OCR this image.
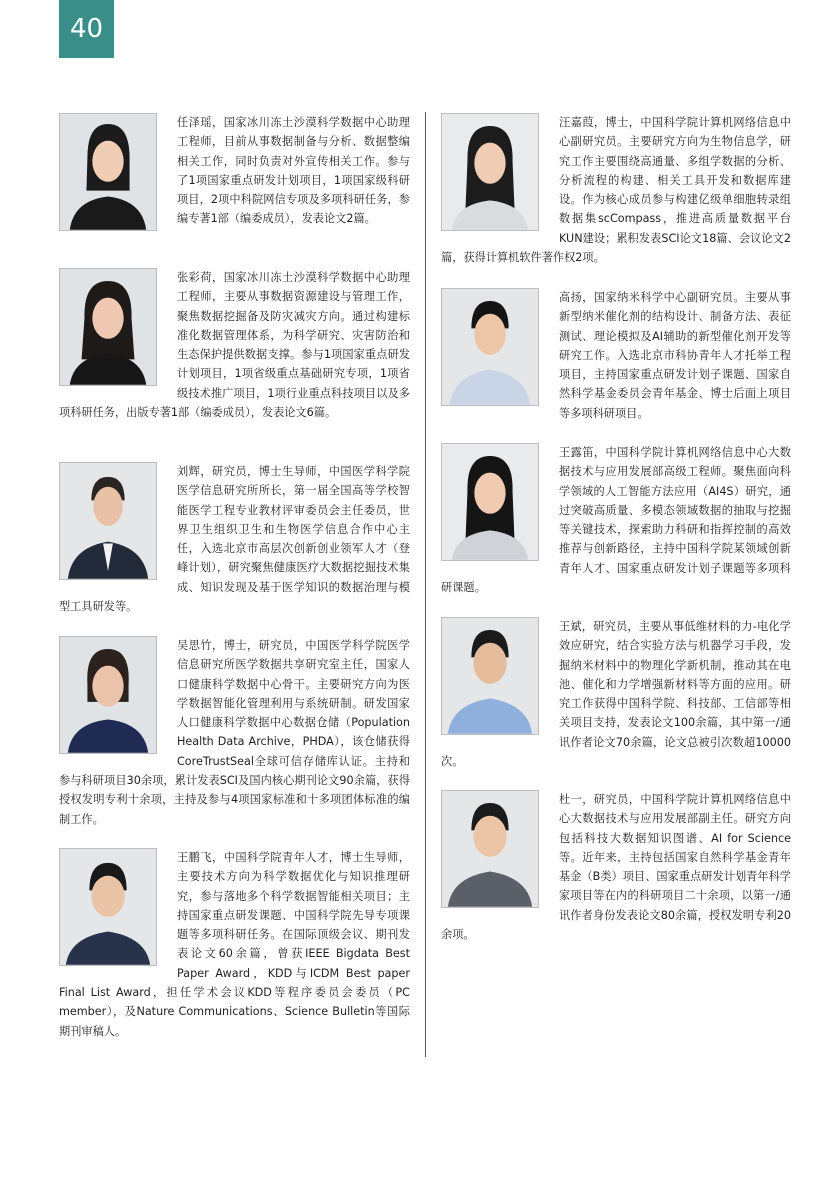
40
任泽瑶，国家冰川冻土沙漠科学数据中心助理工程师，目前从事数据制备与分析、数据整编相关工作，同时负责对外宣传相关工作。参与了1项国家重点研发计划项目，1项国家级科研项目，2项中科院网信专项及多项科研任务，参编专著1部（编委成员），发表论文2篇。
张彩荷，国家冰川冻土沙漠科学数据中心助理工程师，主要从事数据资源建设与管理工作，聚焦数据挖掘备及防灾减灾方向。通过构建标准化数据管理体系，为科学研究、灾害防治和生态保护提供数据支撑。参与1项国家重点研发计划项目，1项省级重点基础研究专项，1项省级技术推广项目，1项行业重点科技项目以及多项科研任务，出版专著1部（编委成员），发表论文6篇。
刘辉，研究员，博士生导师，中国医学科学院医学信息研究所所长，第一届全国高等学校智能医学工程专业教材评审委员会主任委员，世界卫生组织卫生和生物医学信息合作中心主任，入选北京市高层次创新创业领军人才（登峰计划），研究聚焦健康医疗大数据挖掘技术集成、知识发现及基于医学知识的数据治理与模型工具研发等。
吴思竹，博士，研究员，中国医学科学院医学信息研究所医学数据共享研究室主任，国家人口健康科学数据中心骨干。主要研究方向为医学数据智能化管理利用与系统研制。研发国家人口健康科学数据中心数据仓储（Population Health Data Archive，PHDA），该仓储获得CoreTrustSeal全球可信存储库认证。主持和参与科研项目30余项，累计发表SCI及国内核心期刊论文90余篇，获得授权发明专利十余项，主持及参与4项国家标准和十多项团体标准的编制工作。
王鹏飞，中国科学院青年人才，博士生导师，主要技术方向为科学数据优化与知识推理研究，参与落地多个科学数据智能相关项目；主持国家重点研发课题、中国科学院先导专项课题等多项科研任务。在国际顶级会议、期刊发表论文60余篇，曾获IEEE Bigdata Best Paper Award，KDD与ICDM Best paper Final List Award，担任学术会议KDD等程序委员会委员（PC member），及Nature Communications、Science Bulletin等国际期刊审稿人。
汪嘉葭，博士，中国科学院计算机网络信息中心副研究员。主要研究方向为生物信息学，研究工作主要围绕高通量、多组学数据的分析、分析流程的构建、相关工具开发和数据库建设。作为核心成员参与构建亿级单细胞转录组数据集scCompass，推进高质量数据平台KUN建设；累积发表SCI论文18篇、会议论文2篇，获得计算机软件著作权2项。
高扬，国家纳米科学中心副研究员。主要从事新型纳米催化剂的结构设计、制备方法、表征测试、理论模拟及AI辅助的新型催化剂开发等研究工作。入选北京市科协青年人才托举工程项目，主持国家重点研发计划子课题、国家自然科学基金委员会青年基金、博士后面上项目等多项科研项目。
王露笛，中国科学院计算机网络信息中心大数据技术与应用发展部高级工程师。聚焦面向科学领域的人工智能方法应用（AI4S）研究，通过突破高质量、多模态领域数据的抽取与挖掘等关键技术，探索助力科研和指挥控制的高效推荐与创新路径，主持中国科学院某领域创新青年人才、国家重点研发计划子课题等多项科研课题。
王斌，研究员，主要从事低维材料的力-电化学效应研究，结合实验方法与机器学习手段，发掘纳米材料中的物理化学新机制，推动其在电池、催化和力学增强新材料等方面的应用。研究工作获得中国科学院、科技部、工信部等相关项目支持，发表论文100余篇，其中第一/通讯作者论文70余篇，论文总被引次数超10000次。
杜一，研究员，中国科学院计算机网络信息中心大数据技术与应用发展部副主任。研究方向包括科技大数据知识图谱、AI for Science等。近年来，主持包括国家自然科学基金青年基金（B类）项目、国家重点研发计划青年科学家项目等在内的科研项目二十余项，以第一/通讯作者身份发表论文80余篇，授权发明专利20余项。
